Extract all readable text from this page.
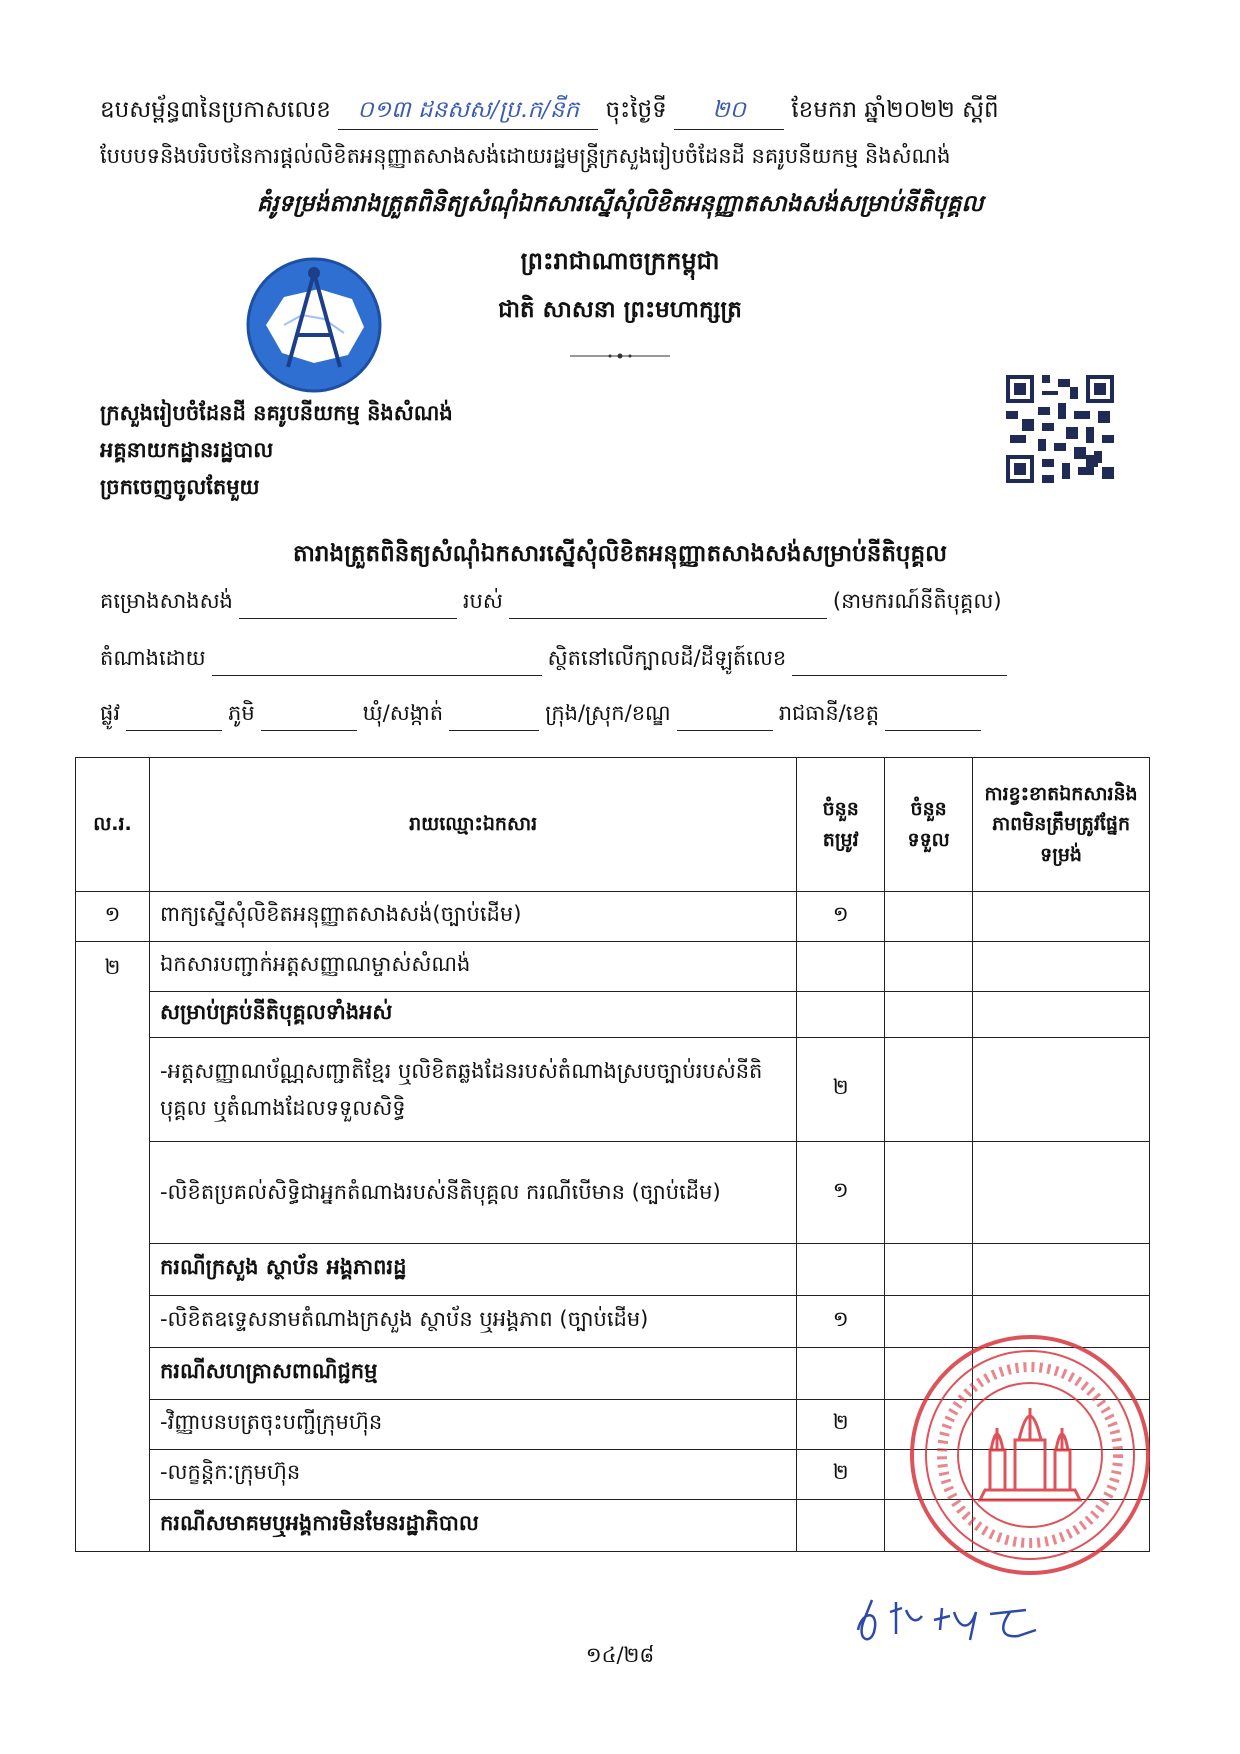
ឧបសម្ព័ន្ធ៣នៃប្រកាសលេខ ០១៣ ដនសស/ប្រ.ក/នីក ចុះថ្ងៃទី ២០ ខែមករា ឆ្នាំ២០២២ ស្តីពី
បែបបទនិងបរិបថនៃការផ្តល់លិខិតអនុញ្ញាតសាងសង់ដោយរដ្ឋមន្ត្រីក្រសួងរៀបចំដែនដី នគរូបនីយកម្ម និងសំណង់
គំរូទម្រង់តារាងត្រួតពិនិត្យសំណុំឯកសារស្នើសុំលិខិតអនុញ្ញាតសាងសង់សម្រាប់នីតិបុគ្គល
ព្រះរាជាណាចក្រកម្ពុជា
ជាតិ សាសនា ព្រះមហាក្សត្រ
ក្រសួងរៀបចំដែនដី នគរូបនីយកម្ម និងសំណង់
អគ្គនាយកដ្ឋានរដ្ឋបាល
ច្រកចេញចូលតែមួយ
តារាងត្រួតពិនិត្យសំណុំឯកសារស្នើសុំលិខិតអនុញ្ញាតសាងសង់សម្រាប់នីតិបុគ្គល
គម្រោងសាងសង់	របស់	(នាមករណ៍នីតិបុគ្គល)
តំណាងដោយ	ស្ថិតនៅលើក្បាលដី/ដីឡូត៍លេខ
ផ្លូវ	ភូមិ	ឃុំ/សង្កាត់	ក្រុង/ស្រុក/ខណ្ឌ	រាជធានី/ខេត្ត
ល.រ.	រាយឈ្មោះឯកសារ	ចំនួនតម្រូវ	ចំនួនទទួល	ការខ្វះខាតឯកសារនិងភាពមិនត្រឹមត្រូវផ្នែកទម្រង់
១	ពាក្យស្នើសុំលិខិតអនុញ្ញាតសាងសង់(ច្បាប់ដើម)	១		
២	ឯកសារបញ្ជាក់អត្តសញ្ញាណម្ចាស់សំណង់			
	សម្រាប់គ្រប់នីតិបុគ្គលទាំងអស់			
	-អត្តសញ្ញាណប័ណ្ណសញ្ជាតិខ្មែរ ឬលិខិតឆ្លងដែនរបស់តំណាងស្របច្បាប់របស់នីតិបុគ្គល ឬតំណាងដែលទទួលសិទ្ធិ	២		
	-លិខិតប្រគល់សិទ្ធិជាអ្នកតំណាងរបស់នីតិបុគ្គល ករណីបើមាន (ច្បាប់ដើម)	១		
	ករណីក្រសួង ស្ថាប័ន អង្គភាពរដ្ឋ			
	-លិខិតឧទ្ទេសនាមតំណាងក្រសួង ស្ថាប័ន ឬអង្គភាព (ច្បាប់ដើម)	១		
	ករណីសហគ្រាសពាណិជ្ជកម្ម			
	-វិញ្ញាបនបត្រចុះបញ្ជីក្រុមហ៊ុន	២		
	-លក្ខន្តិកៈក្រុមហ៊ុន	២		
	ករណីសមាគមឬអង្គការមិនមែនរដ្ឋាភិបាល			
១៤/២៨
